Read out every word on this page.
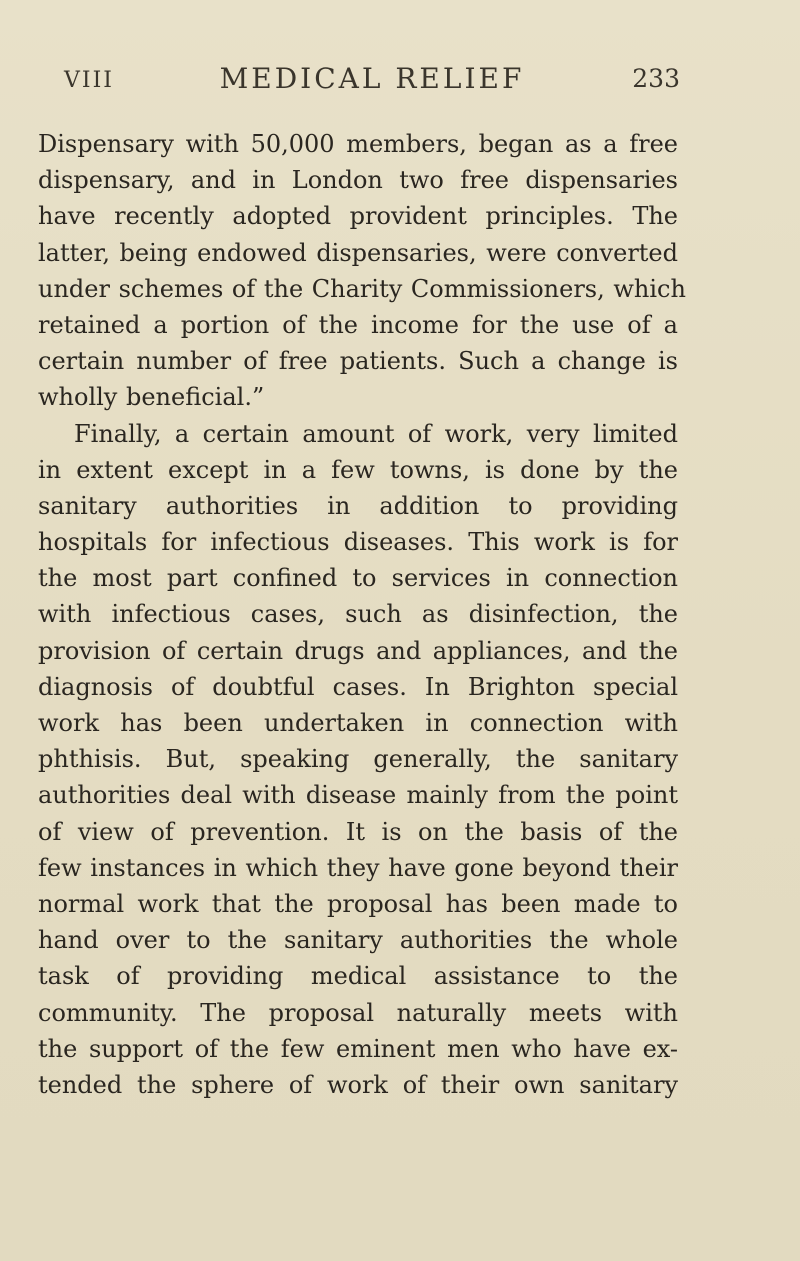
VIII	MEDICAL RELIEF	233
Dispensary with 50,000 members, began as a free
dispensary, and in London two free dispensaries
have recently adopted provident principles. The
latter, being endowed dispensaries, were converted
under schemes of the Charity Commissioners, which
retained a portion of the income for the use of a
certain number of free patients. Such a change is
wholly beneficial.”
Finally, a certain amount of work, very limited
in extent except in a few towns, is done by the
sanitary authorities in addition to providing
hospitals for infectious diseases. This work is for
the most part confined to services in connection
with infectious cases, such as disinfection, the
provision of certain drugs and appliances, and the
diagnosis of doubtful cases. In Brighton special
work has been undertaken in connection with
phthisis. But, speaking generally, the sanitary
authorities deal with disease mainly from the point
of view of prevention. It is on the basis of the
few instances in which they have gone beyond their
normal work that the proposal has been made to
hand over to the sanitary authorities the whole
task of providing medical assistance to the
community. The proposal naturally meets with
the support of the few eminent men who have ex-
tended the sphere of work of their own sanitary
